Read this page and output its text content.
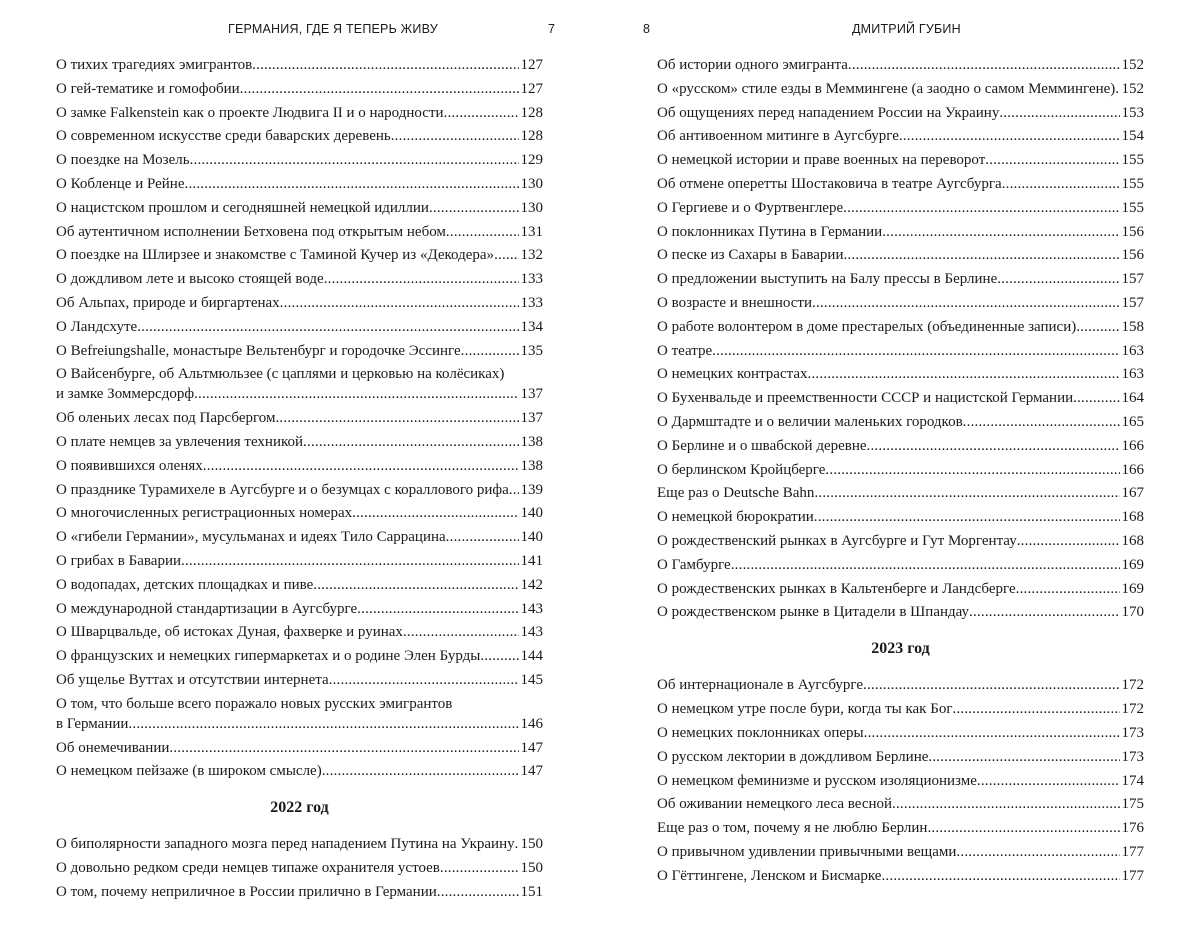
ГЕРМАНИЯ, ГДЕ Я ТЕПЕРЬ ЖИВУ	7
О тихих трагедиях эмигрантов .....	127
О гей-тематике и гомофобии .....	127
О замке Falkenstein как о проекте Людвига II и о народности .....	128
О современном искусстве среди баварских деревень .....	128
О поездке на Мозель .....	129
О Кобленце и Рейне .....	130
О нацистском прошлом и сегодняшней немецкой идиллии .....	130
Об аутентичном исполнении Бетховена под открытым небом .....	131
О поездке на Шлирзее и знакомстве с Таминой Кучер из «Декодера» ..... 132
О дождливом лете и высоко стоящей воде .....	133
Об Альпах, природе и биргартенах .....	133
О Ландсхуте .....	134
О Befreiungshalle, монастыре Вельтенбург и городочке Эссинге .....	135
О Вайсенбурге, об Альтмюльзее (с цаплями и церковью на колёсиках)
и замке Зоммерсдорф .....	137
Об оленьих лесах под Парсбергом .....	137
О плате немцев за увлечения техникой .....	138
О появившихся оленях .....	138
О празднике Турамихеле в Аугсбурге и о безумцах с кораллового рифа ..... 139
О многочисленных регистрационных номерах .....	140
О «гибели Германии», мусульманах и идеях Тило Саррацина .....	140
О грибах в Баварии .....	141
О водопадах, детских площадках и пиве .....	142
О международной стандартизации в Аугсбурге .....	143
О Шварцвальде, об истоках Дуная, фахверке и руинах .....	143
О французских и немецких гипермаркетах и о родине Элен Бурды .....	144
Об ущелье Вуттах и отсутствии интернета .....	145
О том, что больше всего поражало новых русских эмигрантов
в Германии .....	146
Об онемечивании .....	147
О немецком пейзаже (в широком смысле) .....	147
2022 год
О биполярности западного мозга перед нападением Путина на Украину ..... 150
О довольно редком среди немцев типаже охранителя устоев .....	150
О том, почему неприличное в России прилично в Германии .....	151
8	ДМИТРИЙ ГУБИН
Об истории одного эмигранта .....	152
О «русском» стиле езды в Меммингене (а заодно о самом Меммингене) ..... 152
Об ощущениях перед нападением России на Украину .....	153
Об антивоенном митинге в Аугсбурге .....	154
О немецкой истории и праве военных на переворот .....	155
Об отмене оперетты Шостаковича в театре Аугсбурга .....	155
О Гергиеве и о Фуртвенглере .....	155
О поклонниках Путина в Германии .....	156
О песке из Сахары в Баварии .....	156
О предложении выступить на Балу прессы в Берлине .....	157
О возрасте и внешности .....	157
О работе волонтером в доме престарелых (объединенные записи) .....	158
О театре .....	163
О немецких контрастах .....	163
О Бухенвальде и преемственности СССР и нацистской Германии .....	164
О Дармштадте и о величии маленьких городков .....	165
О Берлине и о швабской деревне .....	166
О берлинском Кройцберге .....	166
Еще раз о Deutsche Bahn .....	167
О немецкой бюрократии .....	168
О рождественский рынках в Аугсбурге и Гут Моргентау .....	168
О Гамбурге .....	169
О рождественских рынках в Кальтенберге и Ландсберге .....	169
О рождественском рынке в Цитадели в Шпандау .....	170
2023 год
Об интернационале в Аугсбурге .....	172
О немецком утре после бури, когда ты как Бог .....	172
О немецких поклонниках оперы .....	173
О русском лектории в дождливом Берлине .....	173
О немецком феминизме и русском изоляционизме .....	174
Об оживании немецкого леса весной .....	175
Еще раз о том, почему я не люблю Берлин .....	176
О привычном удивлении привычными вещами .....	177
О Гёттингене, Ленском и Бисмарке .....	177
